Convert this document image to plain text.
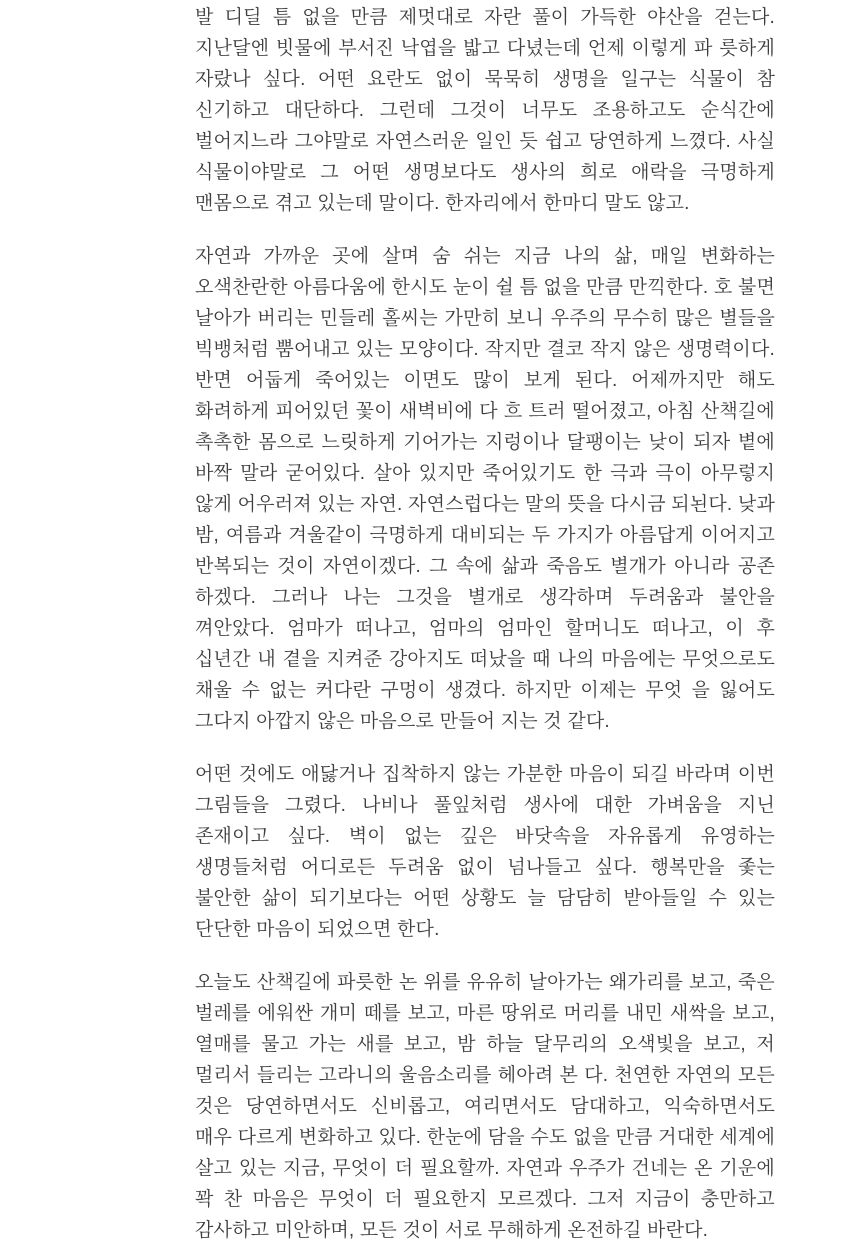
발 디딜 틈 없을 만큼 제멋대로 자란 풀이 가득한 야산을 걷는다. 지난달엔 빗물에 부서진 낙엽을 밟고 다녔는데 언제 이렇게 파 릇하게 자랐나 싶다. 어떤 요란도 없이 묵묵히 생명을 일구는 식물이 참 신기하고 대단하다. 그런데 그것이 너무도 조용하고도 순식간에 벌어지느라 그야말로 자연스러운 일인 듯 쉽고 당연하게 느꼈다. 사실 식물이야말로 그 어떤 생명보다도 생사의 희로 애락을 극명하게 맨몸으로 겪고 있는데 말이다. 한자리에서 한마디 말도 않고.

자연과 가까운 곳에 살며 숨 쉬는 지금 나의 삶, 매일 변화하는 오색찬란한 아름다움에 한시도 눈이 쉴 틈 없을 만큼 만끽한다. 호 불면 날아가 버리는 민들레 홀씨는 가만히 보니 우주의 무수히 많은 별들을 빅뱅처럼 뿜어내고 있는 모양이다. 작지만 결코 작지 않은 생명력이다. 반면 어둡게 죽어있는 이면도 많이 보게 된다. 어제까지만 해도 화려하게 피어있던 꽃이 새벽비에 다 흐 트러 떨어졌고, 아침 산책길에 촉촉한 몸으로 느릿하게 기어가는 지렁이나 달팽이는 낮이 되자 볕에 바짝 말라 굳어있다. 살아 있지만 죽어있기도 한 극과 극이 아무렇지 않게 어우러져 있는 자연. 자연스럽다는 말의 뜻을 다시금 되뇐다. 낮과 밤, 여름과 겨울같이 극명하게 대비되는 두 가지가 아름답게 이어지고 반복되는 것이 자연이겠다. 그 속에 삶과 죽음도 별개가 아니라 공존 하겠다. 그러나 나는 그것을 별개로 생각하며 두려움과 불안을 껴안았다. 엄마가 떠나고, 엄마의 엄마인 할머니도 떠나고, 이 후 십년간 내 곁을 지켜준 강아지도 떠났을 때 나의 마음에는 무엇으로도 채울 수 없는 커다란 구멍이 생겼다. 하지만 이제는 무엇 을 잃어도 그다지 아깝지 않은 마음으로 만들어 지는 것 같다.

어떤 것에도 애닳거나 집착하지 않는 가분한 마음이 되길 바라며 이번 그림들을 그렸다. 나비나 풀잎처럼 생사에 대한 가벼움을 지닌 존재이고 싶다. 벽이 없는 깊은 바닷속을 자유롭게 유영하는 생명들처럼 어디로든 두려움 없이 넘나들고 싶다. 행복만을 좇는 불안한 삶이 되기보다는 어떤 상황도 늘 담담히 받아들일 수 있는 단단한 마음이 되었으면 한다.

오늘도 산책길에 파릇한 논 위를 유유히 날아가는 왜가리를 보고, 죽은 벌레를 에워싼 개미 떼를 보고, 마른 땅위로 머리를 내민 새싹을 보고, 열매를 물고 가는 새를 보고, 밤 하늘 달무리의 오색빛을 보고, 저 멀리서 들리는 고라니의 울음소리를 헤아려 본 다. 천연한 자연의 모든 것은 당연하면서도 신비롭고, 여리면서도 담대하고, 익숙하면서도 매우 다르게 변화하고 있다. 한눈에 담을 수도 없을 만큼 거대한 세계에 살고 있는 지금, 무엇이 더 필요할까. 자연과 우주가 건네는 온 기운에 꽉 찬 마음은 무엇이 더 필요한지 모르겠다. 그저 지금이 충만하고 감사하고 미안하며, 모든 것이 서로 무해하게 온전하길 바란다.
